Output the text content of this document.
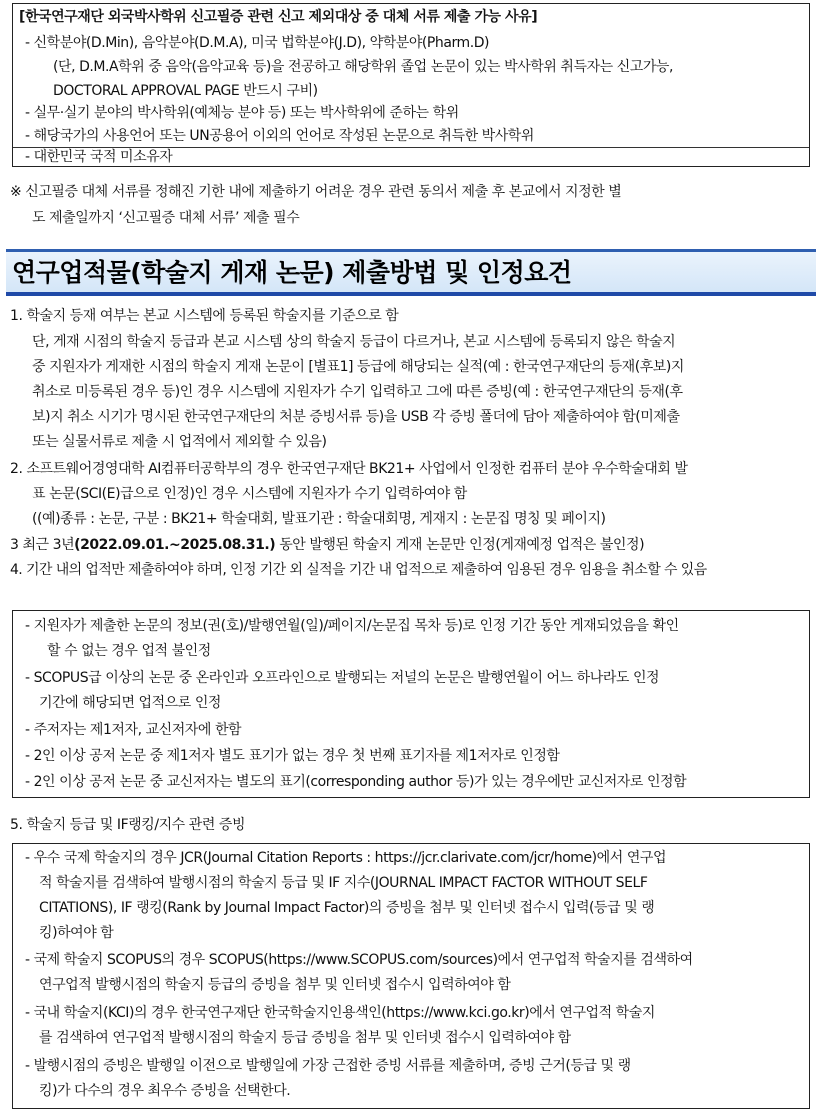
[한국연구재단 외국박사학위 신고필증 관련 신고 제외대상 중 대체 서류 제출 가능 사유]
- 신학분야(D.Min), 음악분야(D.M.A), 미국 법학분야(J.D), 약학분야(Pharm.D)
(단, D.M.A학위 중 음악(음악교육 등)을 전공하고 해당학위 졸업 논문이 있는 박사학위 취득자는 신고가능,
DOCTORAL APPROVAL PAGE 반드시 구비)
- 실무·실기 분야의 박사학위(예체능 분야 등) 또는 박사학위에 준하는 학위
- 해당국가의 사용언어 또는 UN공용어 이외의 언어로 작성된 논문으로 취득한 박사학위
- 대한민국 국적 미소유자
※ 신고필증 대체 서류를 정해진 기한 내에 제출하기 어려운 경우 관련 동의서 제출 후 본교에서 지정한 별
도 제출일까지 ‘신고필증 대체 서류’ 제출 필수
연구업적물(학술지 게재 논문) 제출방법 및 인정요건
1. 학술지 등재 여부는 본교 시스템에 등록된 학술지를 기준으로 함
단, 게재 시점의 학술지 등급과 본교 시스템 상의 학술지 등급이 다르거나, 본교 시스템에 등록되지 않은 학술지
중 지원자가 게재한 시점의 학술지 게재 논문이 [별표1] 등급에 해당되는 실적(예 : 한국연구재단의 등재(후보)지
취소로 미등록된 경우 등)인 경우 시스템에 지원자가 수기 입력하고 그에 따른 증빙(예 : 한국연구재단의 등재(후
보)지 취소 시기가 명시된 한국연구재단의 처분 증빙서류 등)을 USB 각 증빙 폴더에 담아 제출하여야 함(미제출
또는 실물서류로 제출 시 업적에서 제외할 수 있음)
2. 소프트웨어경영대학 AI컴퓨터공학부의 경우 한국연구재단 BK21+ 사업에서 인정한 컴퓨터 분야 우수학술대회 발
표 논문(SCI(E)급으로 인정)인 경우 시스템에 지원자가 수기 입력하여야 함
((예)종류 : 논문, 구분 : BK21+ 학술대회, 발표기관 : 학술대회명, 게재지 : 논문집 명칭 및 페이지)
3 최근 3년(2022.09.01.~2025.08.31.) 동안 발행된 학술지 게재 논문만 인정(게재예정 업적은 불인정)
4. 기간 내의 업적만 제출하여야 하며, 인정 기간 외 실적을 기간 내 업적으로 제출하여 임용된 경우 임용을 취소할 수 있음
- 지원자가 제출한 논문의 정보(권(호)/발행연월(일)/페이지/논문집 목차 등)로 인정 기간 동안 게재되었음을 확인
할 수 없는 경우 업적 불인정
- SCOPUS급 이상의 논문 중 온라인과 오프라인으로 발행되는 저널의 논문은 발행연월이 어느 하나라도 인정
기간에 해당되면 업적으로 인정
- 주저자는 제1저자, 교신저자에 한함
- 2인 이상 공저 논문 중 제1저자 별도 표기가 없는 경우 첫 번째 표기자를 제1저자로 인정함
- 2인 이상 공저 논문 중 교신저자는 별도의 표기(corresponding author 등)가 있는 경우에만 교신저자로 인정함
5. 학술지 등급 및 IF랭킹/지수 관련 증빙
- 우수 국제 학술지의 경우 JCR(Journal Citation Reports : https://jcr.clarivate.com/jcr/home)에서 연구업
적 학술지를 검색하여 발행시점의 학술지 등급 및 IF 지수(JOURNAL IMPACT FACTOR WITHOUT SELF
CITATIONS), IF 랭킹(Rank by Journal Impact Factor)의 증빙을 첨부 및 인터넷 접수시 입력(등급 및 랭
킹)하여야 함
- 국제 학술지 SCOPUS의 경우 SCOPUS(https://www.SCOPUS.com/sources)에서 연구업적 학술지를 검색하여
연구업적 발행시점의 학술지 등급의 증빙을 첨부 및 인터넷 접수시 입력하여야 함
- 국내 학술지(KCI)의 경우 한국연구재단 한국학술지인용색인(https://www.kci.go.kr)에서 연구업적 학술지
를 검색하여 연구업적 발행시점의 학술지 등급 증빙을 첨부 및 인터넷 접수시 입력하여야 함
- 발행시점의 증빙은 발행일 이전으로 발행일에 가장 근접한 증빙 서류를 제출하며, 증빙 근거(등급 및 랭
킹)가 다수의 경우 최우수 증빙을 선택한다.
